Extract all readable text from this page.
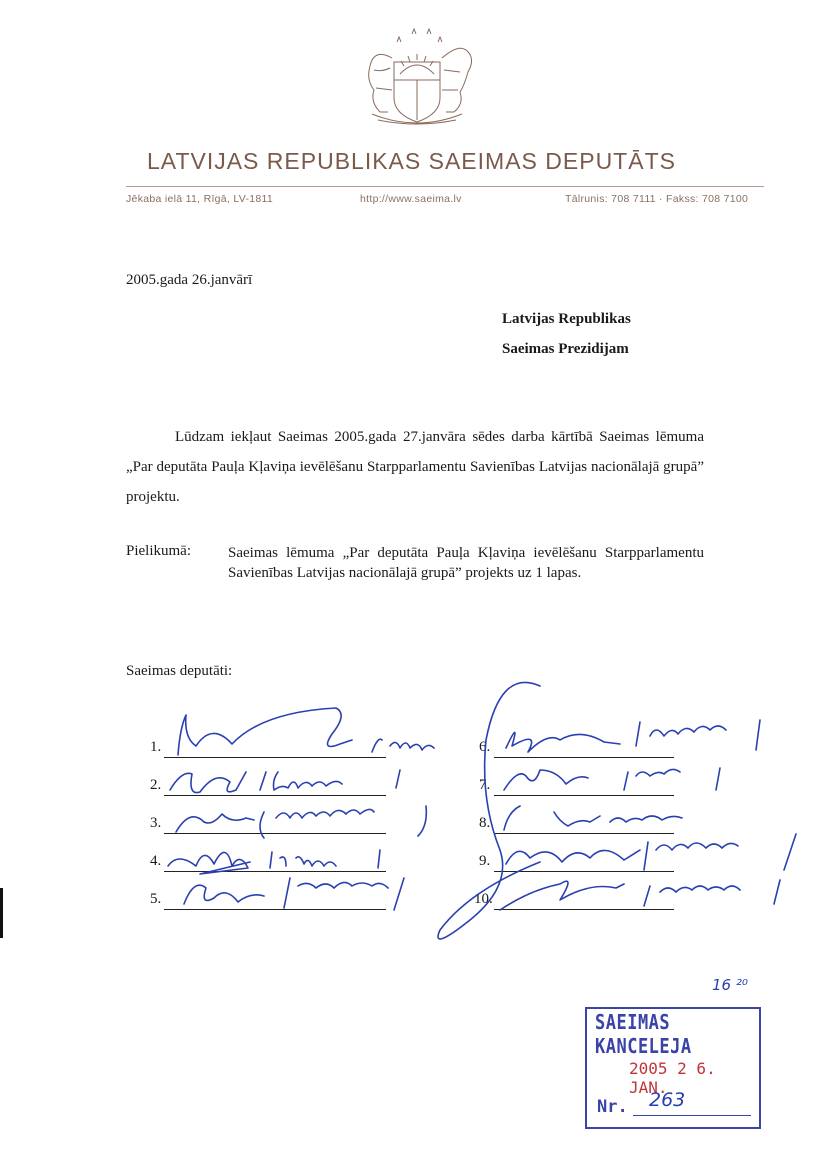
LATVIJAS REPUBLIKAS SAEIMAS DEPUTĀTS
Jēkaba ielā 11, Rīgā, LV-1811	http://www.saeima.lv	Tālrunis: 708 7111 · Fakss: 708 7100
2005.gada 26.janvārī
Latvijas Republikas
Saeimas Prezidijam
Lūdzam iekļaut Saeimas 2005.gada 27.janvāra sēdes darba kārtībā Saeimas lēmuma „Par deputāta Pauļa Kļaviņa ievēlēšanu Starpparlamentu Savienības Latvijas nacionālajā grupā” projektu.
Pielikumā: Saeimas lēmuma „Par deputāta Pauļa Kļaviņa ievēlēšanu Starpparlamentu Savienības Latvijas nacionālajā grupā” projekts uz 1 lapas.
Saeimas deputāti:
1.
2.
3.
4.
5.
6.
7.
8.
9.
10.
16 ²⁰
SAEIMAS KANCELEJA
2005 2 6. JAN.
Nr. 263
